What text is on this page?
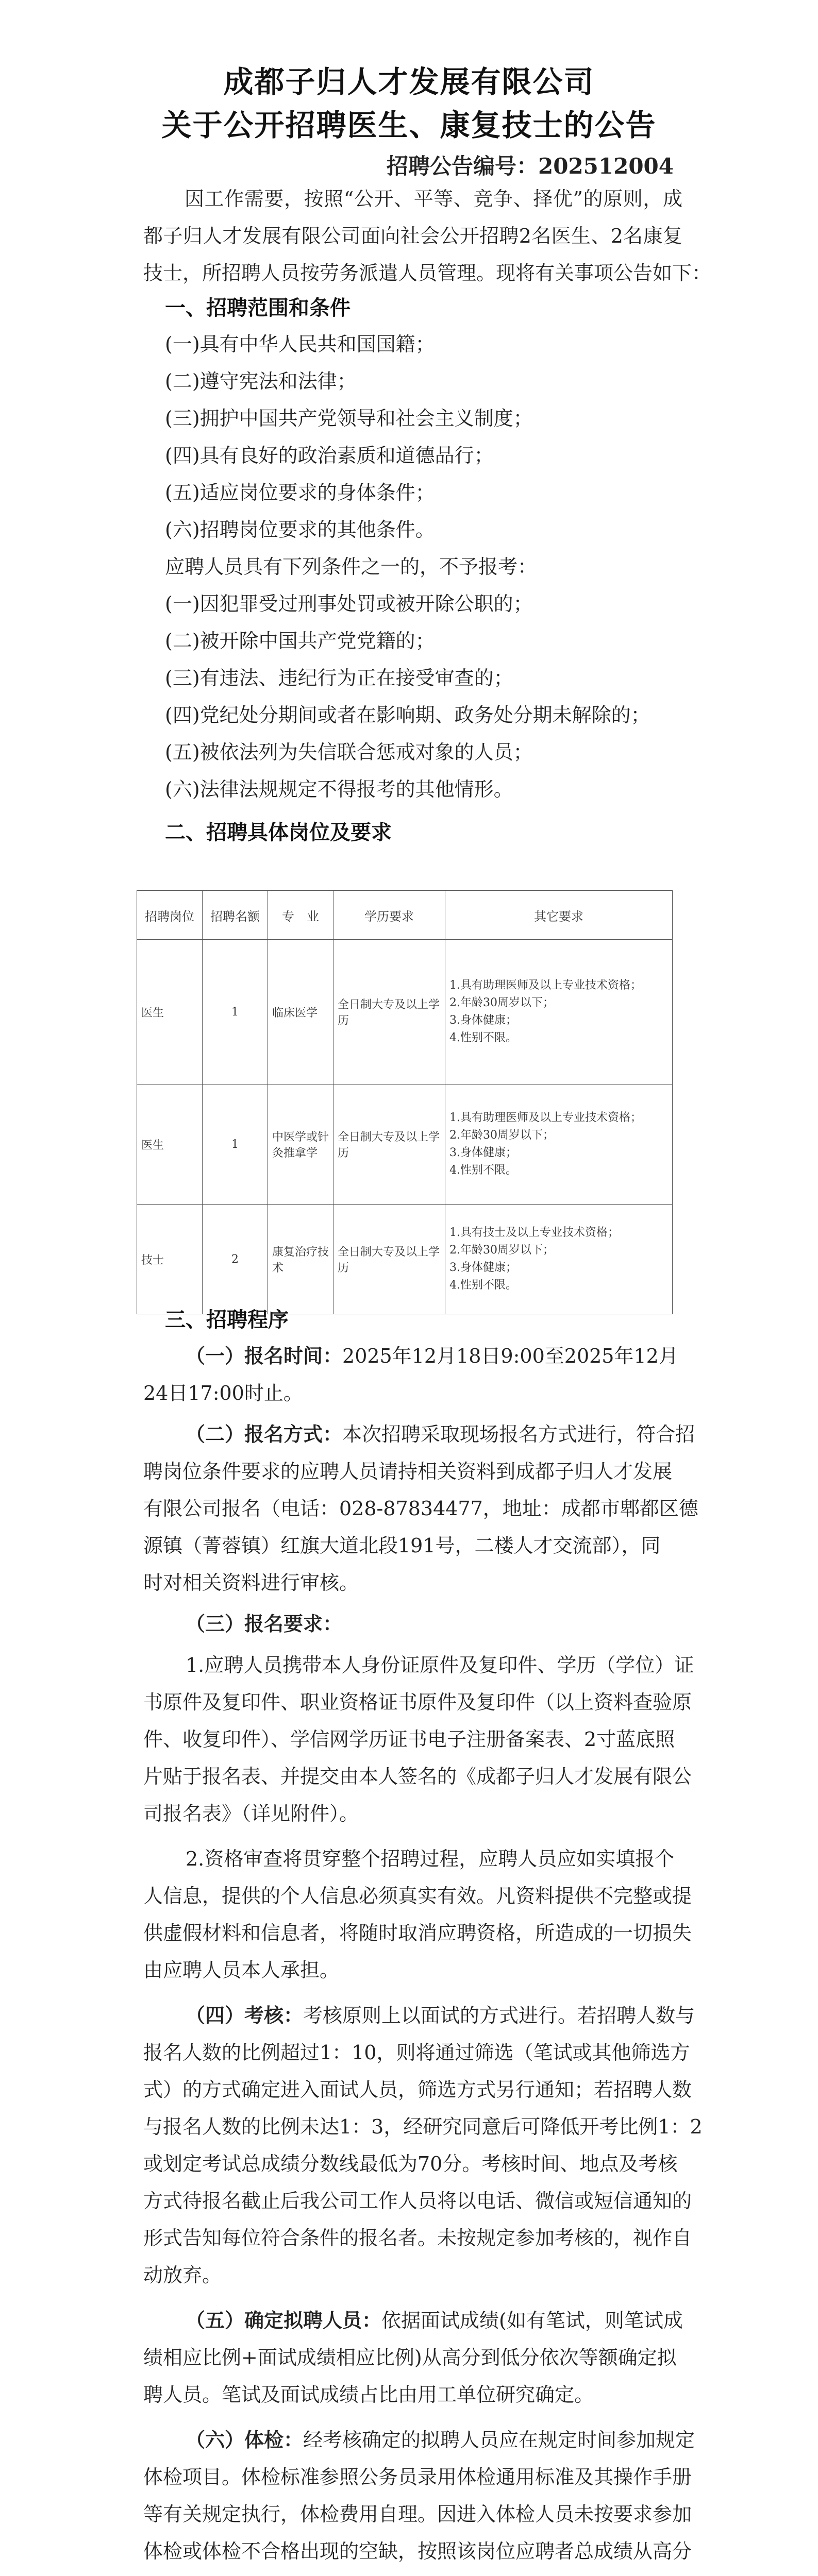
成都子归人才发展有限公司
关于公开招聘医生、康复技士的公告
招聘公告编号：202512004
因工作需要，按照“公开、平等、竞争、择优”的原则，成
都子归人才发展有限公司面向社会公开招聘2名医生、2名康复
技士，所招聘人员按劳务派遣人员管理。现将有关事项公告如下：
一、招聘范围和条件
(一)具有中华人民共和国国籍；
(二)遵守宪法和法律；
(三)拥护中国共产党领导和社会主义制度；
(四)具有良好的政治素质和道德品行；
(五)适应岗位要求的身体条件；
(六)招聘岗位要求的其他条件。
应聘人员具有下列条件之一的，不予报考：
(一)因犯罪受过刑事处罚或被开除公职的；
(二)被开除中国共产党党籍的；
(三)有违法、违纪行为正在接受审查的；
(四)党纪处分期间或者在影响期、政务处分期未解除的；
(五)被依法列为失信联合惩戒对象的人员；
(六)法律法规规定不得报考的其他情形。
二、招聘具体岗位及要求
招聘岗位	招聘名额	专　业	学历要求	其它要求
医生	1	临床医学	全日制大专及以上学历	1.具有助理医师及以上专业技术资格；
2.年龄30周岁以下；
3.身体健康；
4.性别不限。

医生	1	中医学或针灸推拿学	全日制大专及以上学历	1.具有助理医师及以上专业技术资格；
2.年龄30周岁以下；
3.身体健康；
4.性别不限。

技士	2	康复治疗技术	全日制大专及以上学历	1.具有技士及以上专业技术资格；
2.年龄30周岁以下；
3.身体健康；
4.性别不限。
三、招聘程序
（一）报名时间：2025年12月18日9:00至2025年12月
24日17:00时止。
（二）报名方式：本次招聘采取现场报名方式进行，符合招
聘岗位条件要求的应聘人员请持相关资料到成都子归人才发展
有限公司报名（电话：028-87834477，地址：成都市郫都区德
源镇（菁蓉镇）红旗大道北段191号，二楼人才交流部），同
时对相关资料进行审核。
（三）报名要求：
1.应聘人员携带本人身份证原件及复印件、学历（学位）证
书原件及复印件、职业资格证书原件及复印件（以上资料查验原
件、收复印件）、学信网学历证书电子注册备案表、2寸蓝底照
片贴于报名表、并提交由本人签名的《成都子归人才发展有限公
司报名表》（详见附件）。
2.资格审查将贯穿整个招聘过程，应聘人员应如实填报个
人信息，提供的个人信息必须真实有效。凡资料提供不完整或提
供虚假材料和信息者，将随时取消应聘资格，所造成的一切损失
由应聘人员本人承担。
（四）考核：考核原则上以面试的方式进行。若招聘人数与
报名人数的比例超过1：10，则将通过筛选（笔试或其他筛选方
式）的方式确定进入面试人员，筛选方式另行通知；若招聘人数
与报名人数的比例未达1：3，经研究同意后可降低开考比例1：2
或划定考试总成绩分数线最低为70分。考核时间、地点及考核
方式待报名截止后我公司工作人员将以电话、微信或短信通知的
形式告知每位符合条件的报名者。未按规定参加考核的，视作自
动放弃。
（五）确定拟聘人员：依据面试成绩(如有笔试，则笔试成
绩相应比例+面试成绩相应比例)从高分到低分依次等额确定拟
聘人员。笔试及面试成绩占比由用工单位研究确定。
（六）体检：经考核确定的拟聘人员应在规定时间参加规定
体检项目。体检标准参照公务员录用体检通用标准及其操作手册
等有关规定执行，体检费用自理。因进入体检人员未按要求参加
体检或体检不合格出现的空缺，按照该岗位应聘者总成绩从高分
